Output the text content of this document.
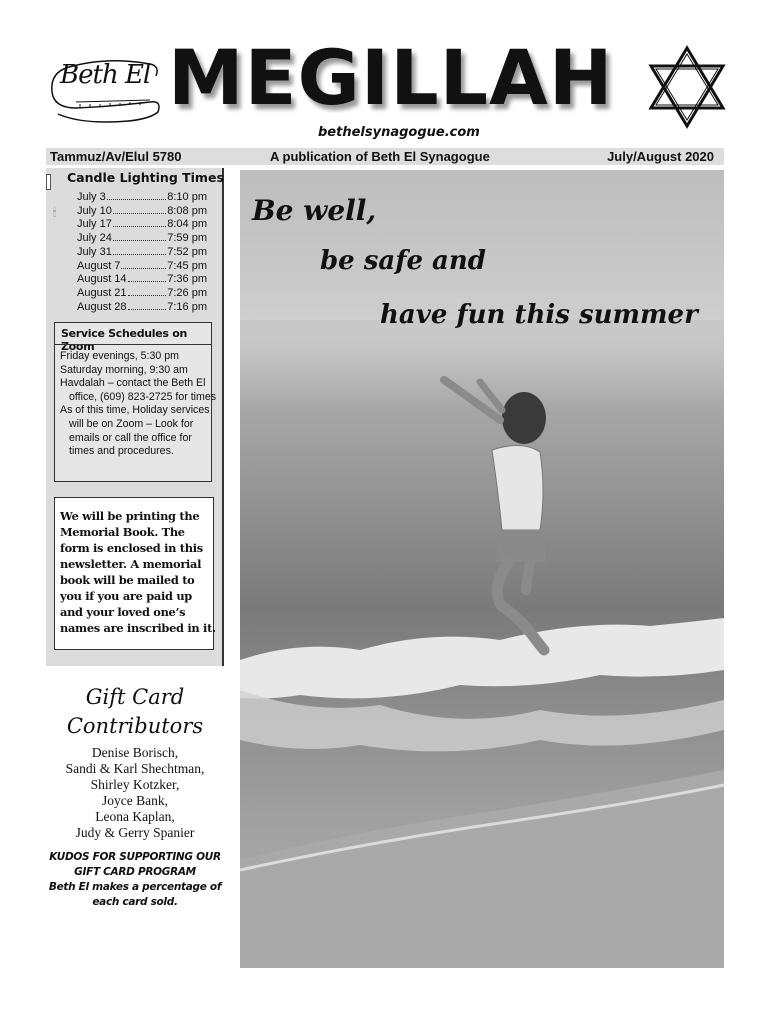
Beth El MEGILLAH
bethelsynagogue.com
Tammuz/Av/Elul 5780	A publication of Beth El Synagogue	July/August 2020
🕯
Candle Lighting Times
July 3	8:10 pm
July 10	8:08 pm
July 17	8:04 pm
July 24	7:59 pm
July 31	7:52 pm
August 7	7:45 pm
August 14	7:36 pm
August 21	7:26 pm
August 28	7:16 pm
Service Schedules on Zoom
Friday evenings, 5:30 pm
Saturday morning, 9:30 am
Havdalah – contact the Beth El
office, (609) 823-2725 for times
As of this time, Holiday services
will be on Zoom – Look for
emails or call the office for
times and procedures.
We will be printing the
Memorial Book. The
form is enclosed in this
newsletter. A memorial
book will be mailed to
you if you are paid up
and your loved one’s
names are inscribed in it.
Gift Card
Contributors
Denise Borisch,
Sandi & Karl Shechtman,
Shirley Kotzker,
Joyce Bank,
Leona Kaplan,
Judy & Gerry Spanier
KUDOS FOR SUPPORTING OUR
GIFT CARD PROGRAM
Beth El makes a percentage of
each card sold.
Be well,
be safe and
have fun this summer
